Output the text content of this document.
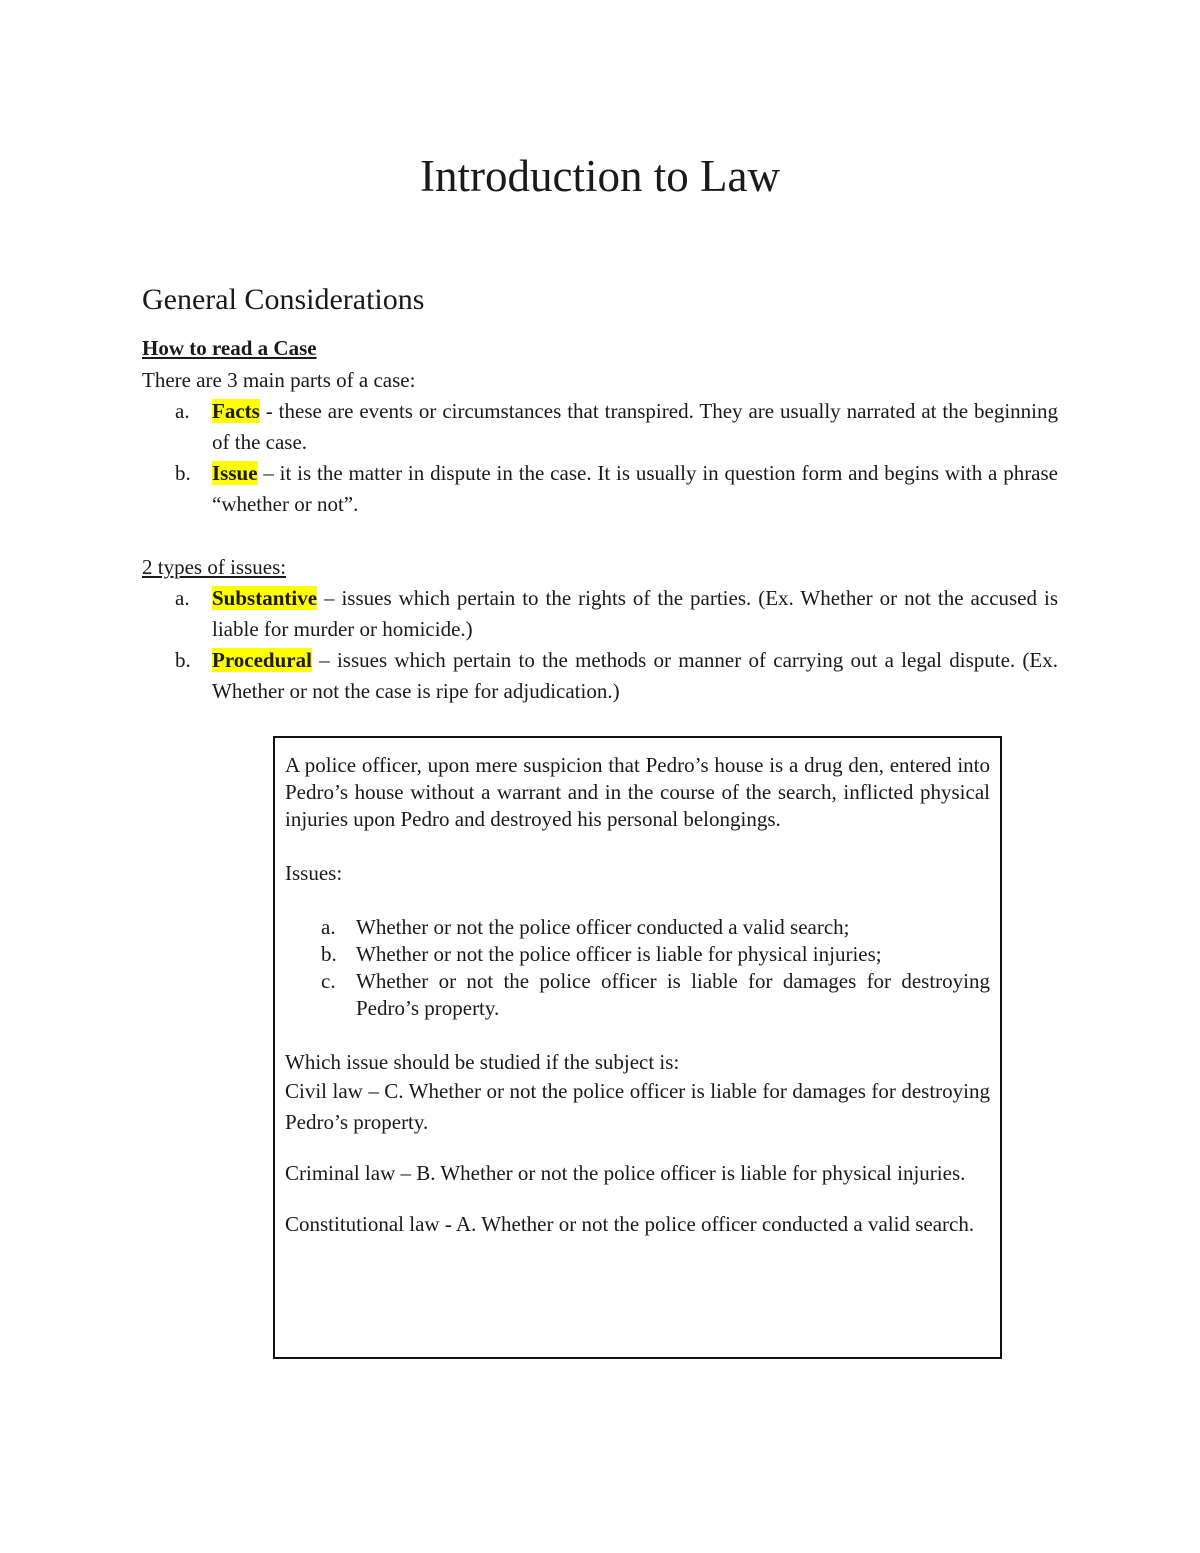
Introduction to Law
General Considerations
How to read a Case
There are 3 main parts of a case:
a.	Facts - these are events or circumstances that transpired. They are usually narrated at the beginning of the case.
b.	Issue – it is the matter in dispute in the case. It is usually in question form and begins with a phrase “whether or not”.
2 types of issues:
a.	Substantive – issues which pertain to the rights of the parties. (Ex. Whether or not the accused is liable for murder or homicide.)
b.	Procedural – issues which pertain to the methods or manner of carrying out a legal dispute. (Ex. Whether or not the case is ripe for adjudication.)

A police officer, upon mere suspicion that Pedro’s house is a drug den, entered into Pedro’s house without a warrant and in the course of the search, inflicted physical injuries upon Pedro and destroyed his personal belongings.

Issues:

a. Whether or not the police officer conducted a valid search;
b. Whether or not the police officer is liable for physical injuries;
c. Whether or not the police officer is liable for damages for destroying Pedro’s property.

Which issue should be studied if the subject is:

Civil law – C. Whether or not the police officer is liable for damages for destroying Pedro’s property.

Criminal law – B. Whether or not the police officer is liable for physical injuries.

Constitutional law - A. Whether or not the police officer conducted a valid search.
